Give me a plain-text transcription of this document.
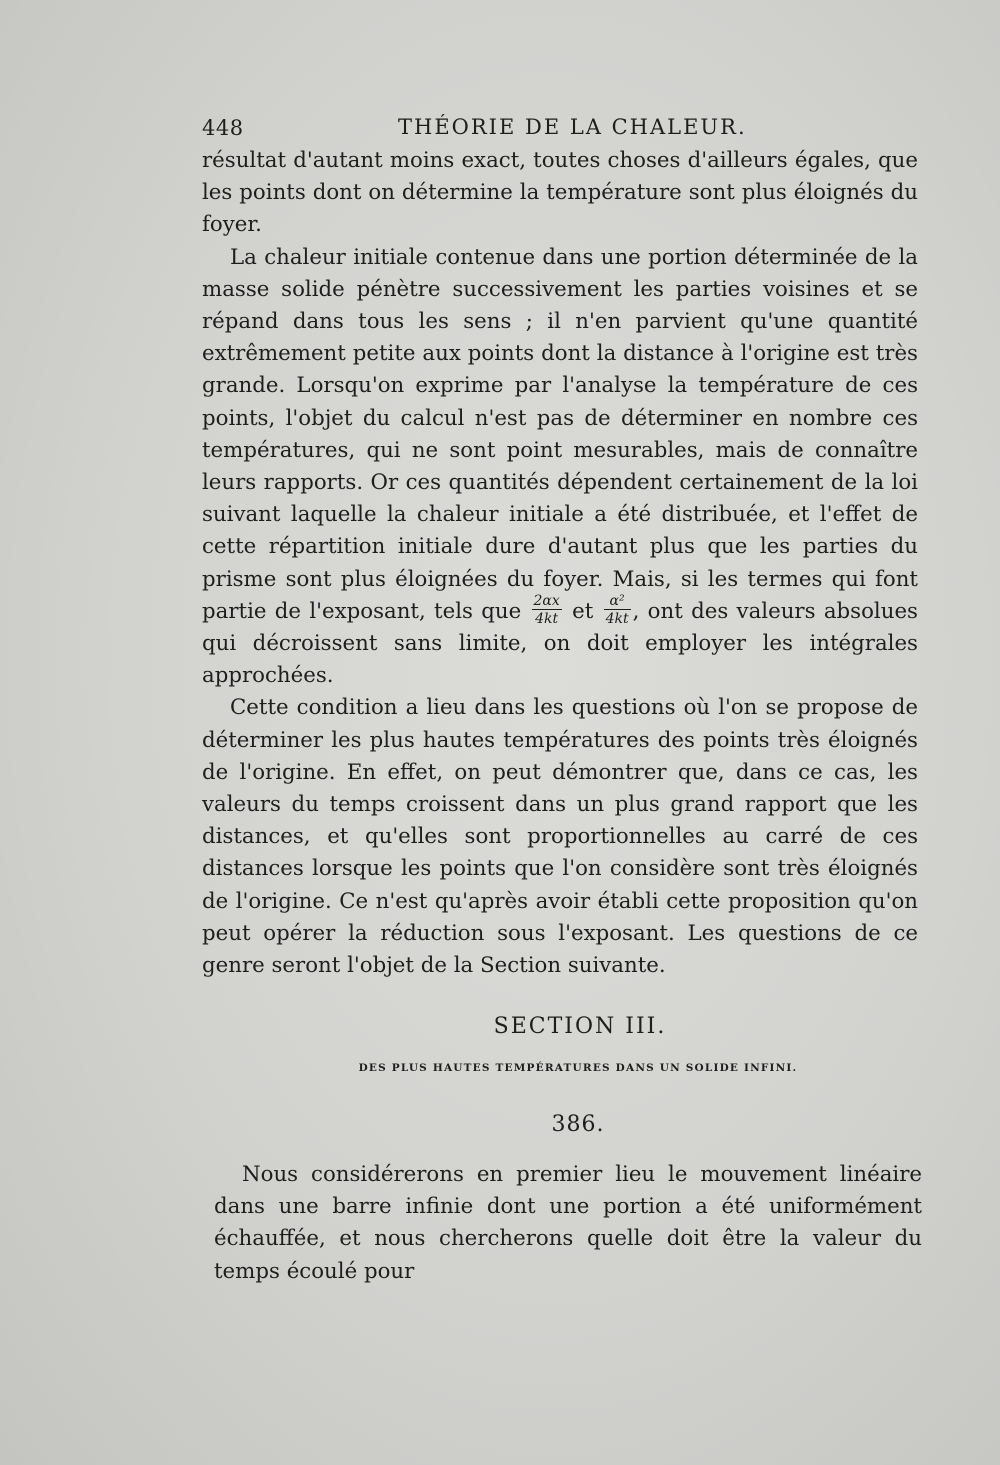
448	THÉORIE DE LA CHALEUR.

résultat d'autant moins exact, toutes choses d'ailleurs égales, que les points dont on détermine la température sont plus éloignés du foyer.

La chaleur initiale contenue dans une portion déterminée de la masse solide pénètre successivement les parties voisines et se répand dans tous les sens ; il n'en parvient qu'une quantité extrêmement petite aux points dont la distance à l'origine est très grande. Lorsqu'on exprime par l'analyse la température de ces points, l'objet du calcul n'est pas de déterminer en nombre ces températures, qui ne sont point mesurables, mais de connaître leurs rapports. Or ces quantités dépendent certainement de la loi suivant laquelle la chaleur initiale a été distribuée, et l'effet de cette répartition initiale dure d'autant plus que les parties du prisme sont plus éloignées du foyer. Mais, si les termes qui font partie de l'exposant, tels que $\frac{2\alpha x}{4kt}$ et $\frac{\text{α²}}{4kt}$ , ont des valeurs absolues qui décroissent sans limite, on doit employer les intégrales approchées.

Cette condition a lieu dans les questions où l'on se propose de déterminer les plus hautes températures des points très éloignés de l'origine. En effet, on peut démontrer que, dans ce cas, les valeurs du temps croissent dans un plus grand rapport que les distances, et qu'elles sont proportionnelles au carré de ces distances lorsque les points que l'on considère sont très éloignés de l'origine. Ce n'est qu'après avoir établi cette proposition qu'on peut opérer la réduction sous l'exposant. Les questions de ce genre seront l'objet de la Section suivante.

SECTION III.
DES PLUS HAUTES TEMPÉRATURES DANS UN SOLIDE INFINI.
386.

Nous considérerons en premier lieu le mouvement linéaire dans une barre infinie dont une portion a été uniformément échauffée, et nous chercherons quelle doit être la valeur du temps écoulé pour
